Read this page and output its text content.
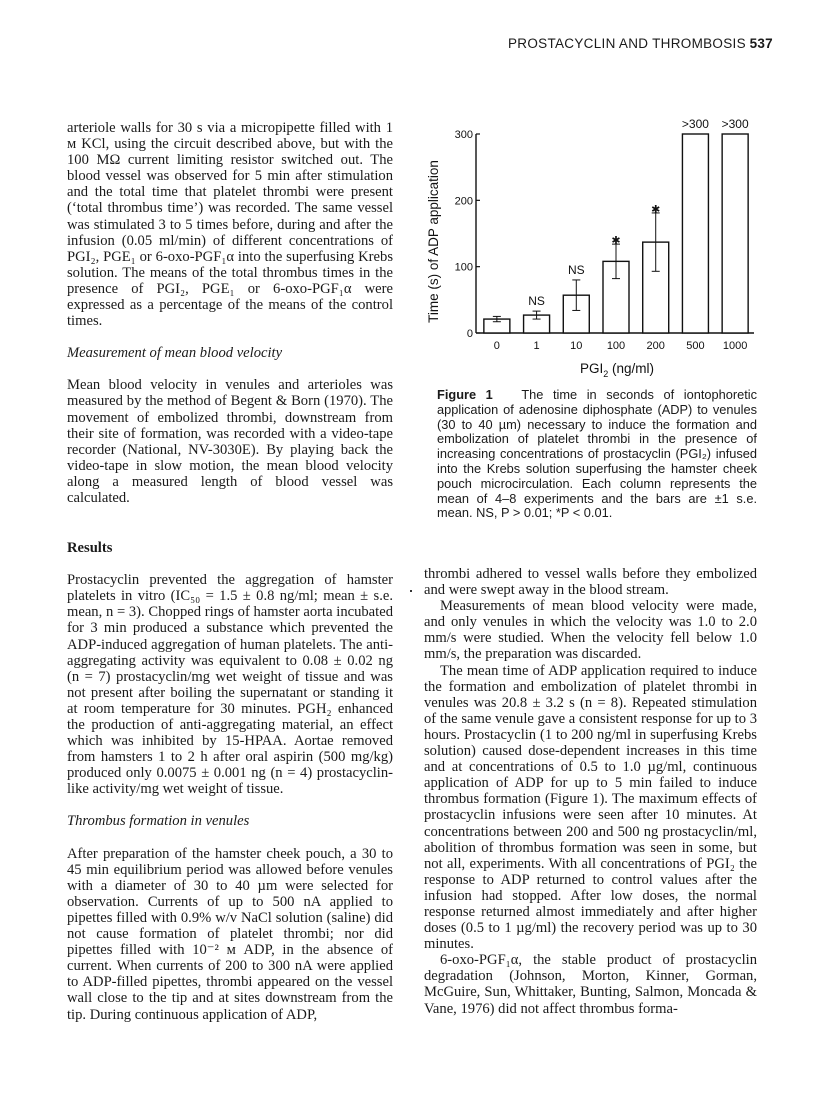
PROSTACYCLIN AND THROMBOSIS 537

arteriole walls for 30 s via a micropipette filled with 1 м KCl, using the circuit described above, but with the 100 MΩ current limiting resistor switched out. The blood vessel was observed for 5 min after stimulation and the total time that platelet thrombi were present (‘total thrombus time’) was recorded. The same vessel was stimulated 3 to 5 times before, during and after the infusion (0.05 ml/min) of different concentrations of PGI₂, PGE₁ or 6-oxo-PGF₁α into the superfusing Krebs solution. The means of the total thrombus times in the presence of PGI₂, PGE₁ or 6-oxo-PGF₁α were expressed as a percentage of the means of the control times.

Measurement of mean blood velocity

Mean blood velocity in venules and arterioles was measured by the method of Begent & Born (1970). The movement of embolized thrombi, downstream from their site of formation, was recorded with a video-tape recorder (National, NV-3030E). By playing back the video-tape in slow motion, the mean blood velocity along a measured length of blood vessel was calculated.

Results

Prostacyclin prevented the aggregation of hamster platelets in vitro (IC₅₀ = 1.5 ± 0.8 ng/ml; mean ± s.e. mean, n = 3). Chopped rings of hamster aorta incubated for 3 min produced a substance which prevented the ADP-induced aggregation of human platelets. The anti-aggregating activity was equivalent to 0.08 ± 0.02 ng (n = 7) prostacyclin/mg wet weight of tissue and was not present after boiling the supernatant or standing it at room temperature for 30 minutes. PGH₂ enhanced the production of anti-aggregating material, an effect which was inhibited by 15-HPAA. Aortae removed from hamsters 1 to 2 h after oral aspirin (500 mg/kg) produced only 0.0075 ± 0.001 ng (n = 4) prostacyclin-like activity/mg wet weight of tissue.

Thrombus formation in venules

After preparation of the hamster cheek pouch, a 30 to 45 min equilibrium period was allowed before venules with a diameter of 30 to 40 µm were selected for observation. Currents of up to 500 nA applied to pipettes filled with 0.9% w/v NaCl solution (saline) did not cause formation of platelet thrombi; nor did pipettes filled with 10⁻² м ADP, in the absence of current. When currents of 200 to 300 nA were applied to ADP-filled pipettes, thrombi appeared on the vessel wall close to the tip and at sites downstream from the tip. During continuous application of ADP,

0
100
200
300
Time (s) of ADP application
0
NS
1
NS
10
✱
100
✱
200
>300
500
>300
1000
$PGI_2$ (ng/ml)
Figure 1 The time in seconds of iontophoretic application of adenosine diphosphate (ADP) to venules (30 to 40 µm) necessary to induce the formation and embolization of platelet thrombi in the presence of increasing concentrations of prostacyclin (PGI₂) infused into the Krebs solution superfusing the hamster cheek pouch microcirculation. Each column represents the mean of 4–8 experiments and the bars are ±1 s.e. mean. NS, P > 0.01; *P < 0.01.

thrombi adhered to vessel walls before they embolized and were swept away in the blood stream.

Measurements of mean blood velocity were made, and only venules in which the velocity was 1.0 to 2.0 mm/s were studied. When the velocity fell below 1.0 mm/s, the preparation was discarded.

The mean time of ADP application required to induce the formation and embolization of platelet thrombi in venules was 20.8 ± 3.2 s (n = 8). Repeated stimulation of the same venule gave a consistent response for up to 3 hours. Prostacyclin (1 to 200 ng/ml in superfusing Krebs solution) caused dose-dependent increases in this time and at concentrations of 0.5 to 1.0 µg/ml, continuous application of ADP for up to 5 min failed to induce thrombus formation (Figure 1). The maximum effects of prostacyclin infusions were seen after 10 minutes. At concentrations between 200 and 500 ng prostacyclin/ml, abolition of thrombus formation was seen in some, but not all, experiments. With all concentrations of PGI₂ the response to ADP returned to control values after the infusion had stopped. After low doses, the normal response returned almost immediately and after higher doses (0.5 to 1 µg/ml) the recovery period was up to 30 minutes.

6-oxo-PGF₁α, the stable product of prostacyclin degradation (Johnson, Morton, Kinner, Gorman, McGuire, Sun, Whittaker, Bunting, Salmon, Moncada & Vane, 1976) did not affect thrombus forma-
